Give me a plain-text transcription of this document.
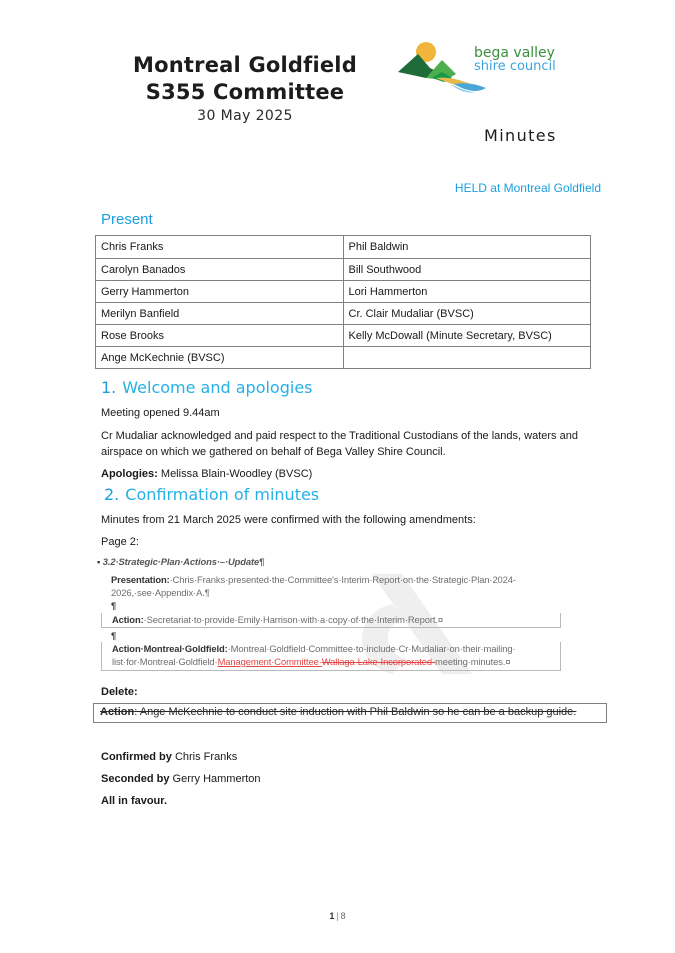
Montreal Goldfield
S355 Committee
30 May 2025
bega valley
shire council
Minutes
HELD at Montreal Goldfield
Present
Chris Franks	Phil Baldwin
Carolyn Banados	Bill Southwood
Gerry Hammerton	Lori Hammerton
Merilyn Banfield	Cr. Clair Mudaliar (BVSC)
Rose Brooks	Kelly McDowall (Minute Secretary, BVSC)
Ange McKechnie (BVSC)	
1. Welcome and apologies
Meeting opened 9.44am
Cr Mudaliar acknowledged and paid respect to the Traditional Custodians of the lands, waters and airspace on which we gathered on behalf of Bega Valley Shire Council.
Apologies: Melissa Blain-Woodley (BVSC)
2. Confirmation of minutes
Minutes from 21 March 2025 were confirmed with the following amendments:
Page 2:
▪ 3.2·Strategic·Plan·Actions·–·Update¶
Presentation:·Chris·Franks·presented·the·Committee's·Interim·Report·on·the·Strategic·Plan·2024-
2026,·see·Appendix·A.¶
¶
Action:·Secretariat·to·provide·Emily·Harrison·with·a·copy·of·the·Interim·Report.¤
¶
Action·Montreal·Goldfield:·Montreal·Goldfield·Committee·to·include·Cr·Mudaliar·on·their·mailing·
list·for·Montreal·Goldfield·Management·Committee·Wallaga·Lake·Incorporated·meeting·minutes.¤
Delete:
Action: Ange McKechnie to conduct site induction with Phil Baldwin so he can be a backup guide.
Confirmed by Chris Franks
Seconded by Gerry Hammerton
All in favour.
1 | 8
